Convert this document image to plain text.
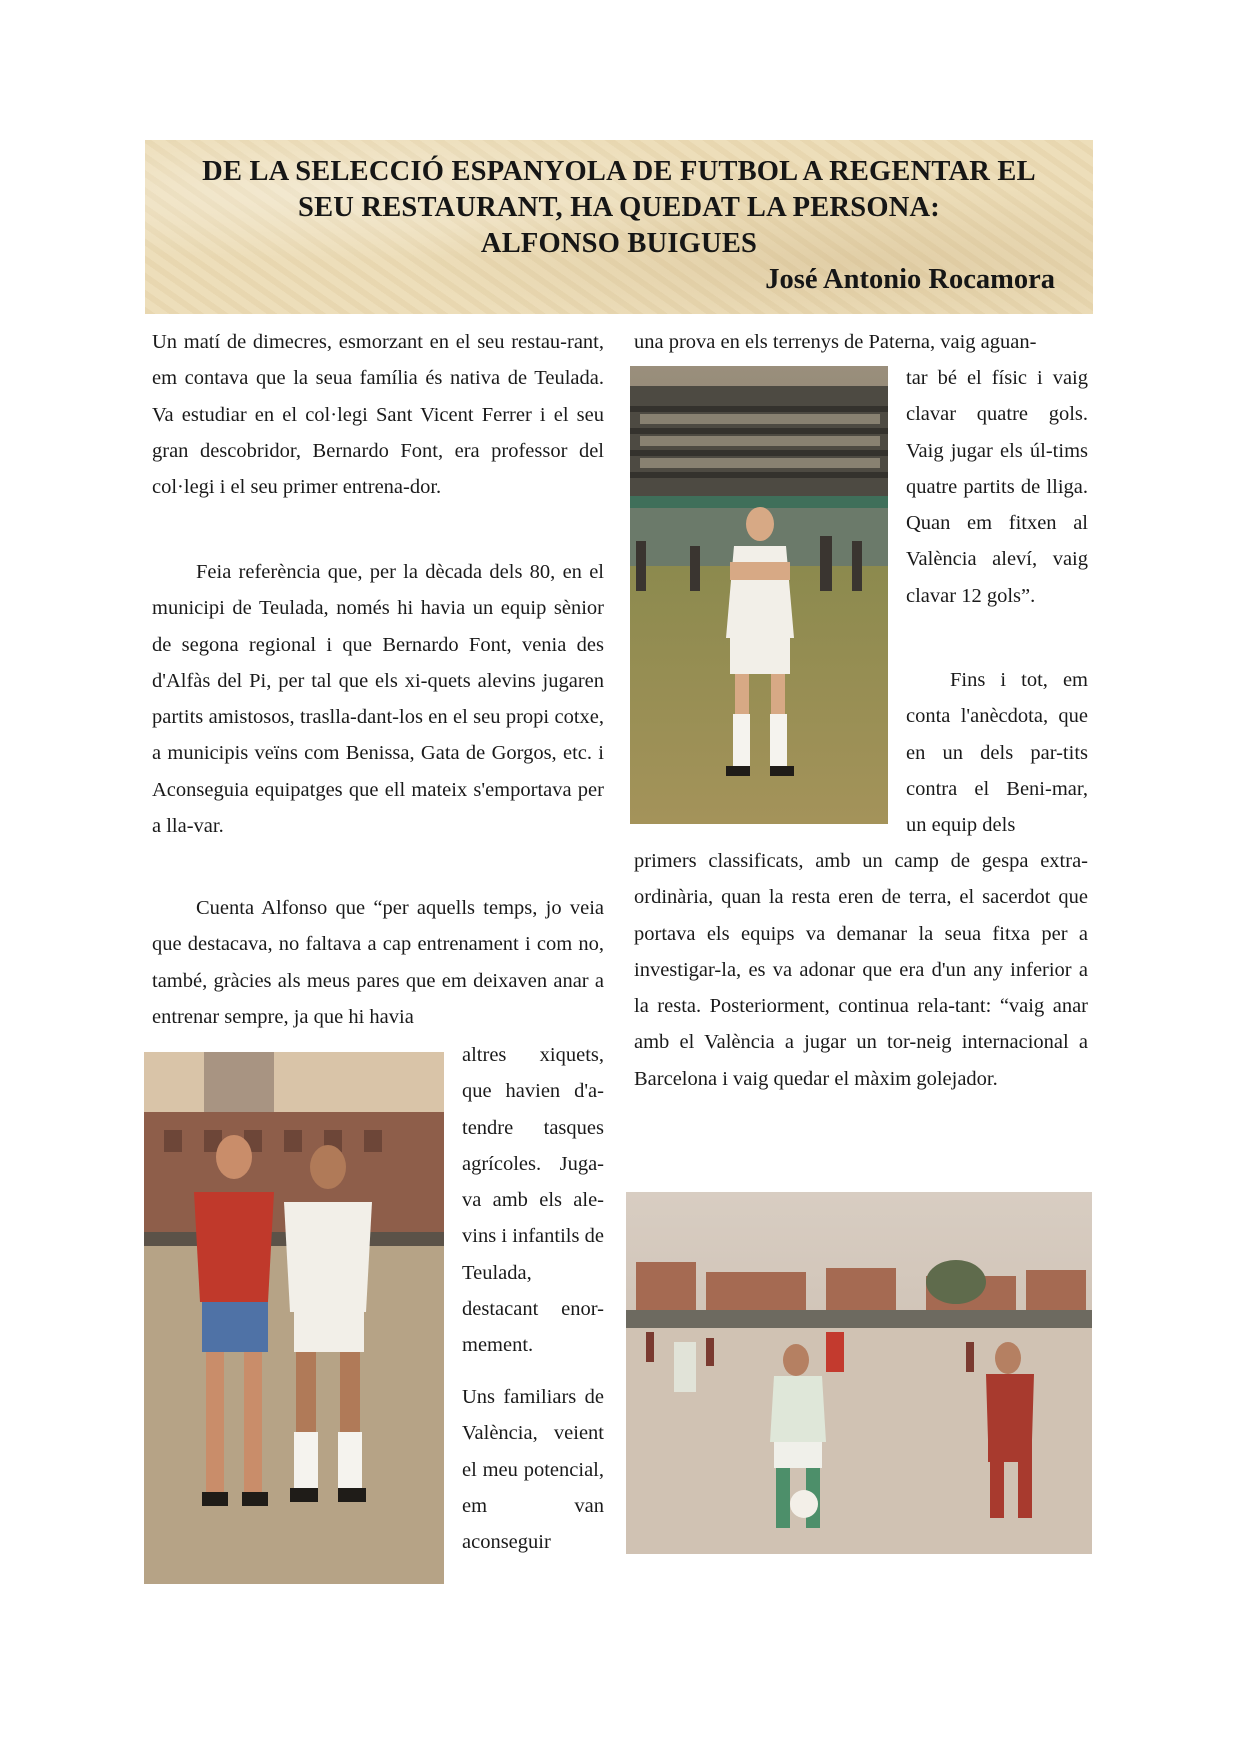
DE LA SELECCIÓ ESPANYOLA DE FUTBOL A REGENTAR EL
SEU RESTAURANT, HA QUEDAT LA PERSONA:
ALFONSO BUIGUES
José Antonio Rocamora

Un matí de dimecres, esmorzant en el seu restau-rant, em contava que la seua família és nativa de Teulada. Va estudiar en el col·legi Sant Vicent Ferrer i el seu gran descobridor, Bernardo Font, era professor del col·legi i el seu primer entrena-dor.

Feia referència que, per la dècada dels 80, en el municipi de Teulada, només hi havia un equip sènior de segona regional i que Bernardo Font, venia des d'Alfàs del Pi, per tal que els xi-quets alevins jugaren partits amistosos, traslla-dant-los en el seu propi cotxe, a municipis veïns com Benissa, Gata de Gorgos, etc. i Aconseguia equipatges que ell mateix s'emportava per a lla-var.

Cuenta Alfonso que “per aquells temps, jo veia que destacava, no faltava a cap entrenament i com no, també, gràcies als meus pares que em deixaven anar a entrenar sempre, ja que hi havia

altres xiquets, que havien d'a-tendre tasques agrícoles. Juga-va amb els ale-vins i infantils de Teulada, destacant enor-mement.

Uns familiars de València, veient el meu potencial, em van aconseguir

una prova en els terrenys de Paterna, vaig aguan-

tar bé el físic i vaig clavar quatre gols. Vaig jugar els úl-tims quatre partits de lliga. Quan em fitxen al València aleví, vaig clavar 12 gols”.

Fins i tot, em conta l'anècdota, que en un dels par-tits contra el Beni-mar, un equip dels

primers classificats, amb un camp de gespa extra-ordinària, quan la resta eren de terra, el sacerdot que portava els equips va demanar la seua fitxa per a investigar-la, es va adonar que era d'un any inferior a la resta. Posteriorment, continua rela-tant: “vaig anar amb el València a jugar un tor-neig internacional a Barcelona i vaig quedar el màxim golejador.
